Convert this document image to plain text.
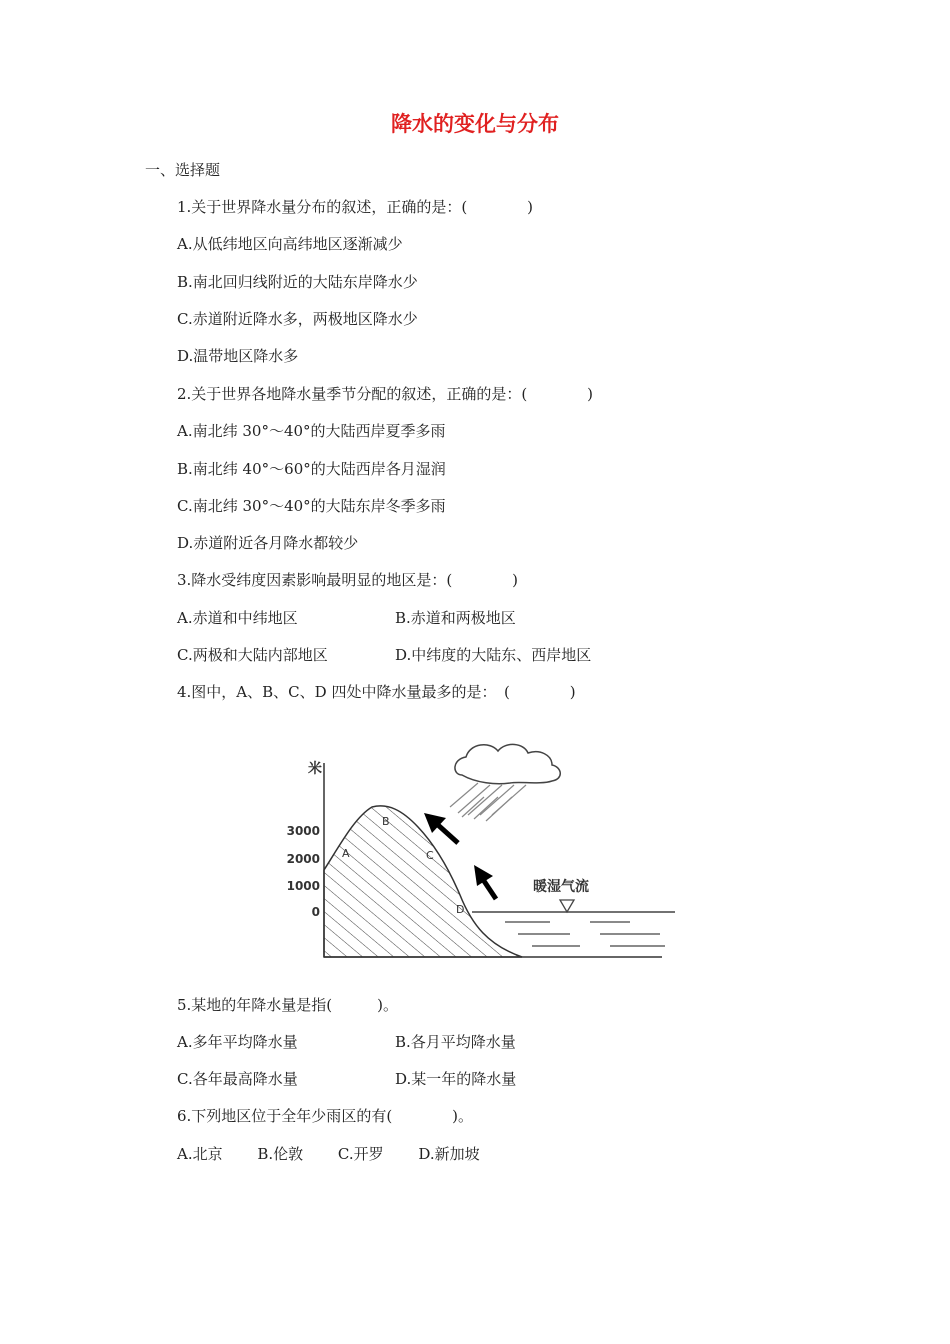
降水的变化与分布
一、选择题
1.关于世界降水量分布的叙述，正确的是：(　　　　)
A.从低纬地区向高纬地区逐渐减少
B.南北回归线附近的大陆东岸降水少
C.赤道附近降水多，两极地区降水少
D.温带地区降水多
2.关于世界各地降水量季节分配的叙述，正确的是：(　　　　)
A.南北纬 30°～40°的大陆西岸夏季多雨
B.南北纬 40°～60°的大陆西岸各月湿润
C.南北纬 30°～40°的大陆东岸冬季多雨
D.赤道附近各月降水都较少
3.降水受纬度因素影响最明显的地区是：(　　　　)
A.赤道和中纬地区	B.赤道和两极地区
C.两极和大陆内部地区	D.中纬度的大陆东、西岸地区
4.图中，A、B、C、D 四处中降水量最多的是：　(　　　　)
米
3000
2000
1000
0
A
B
C
D
暖湿气流
5.某地的年降水量是指(　　　)。
A.多年平均降水量	B.各月平均降水量
C.各年最高降水量	D.某一年的降水量
6.下列地区位于全年少雨区的有(　　　　)。
A.北京　　 B.伦敦　　 C.开罗　　 D.新加坡
